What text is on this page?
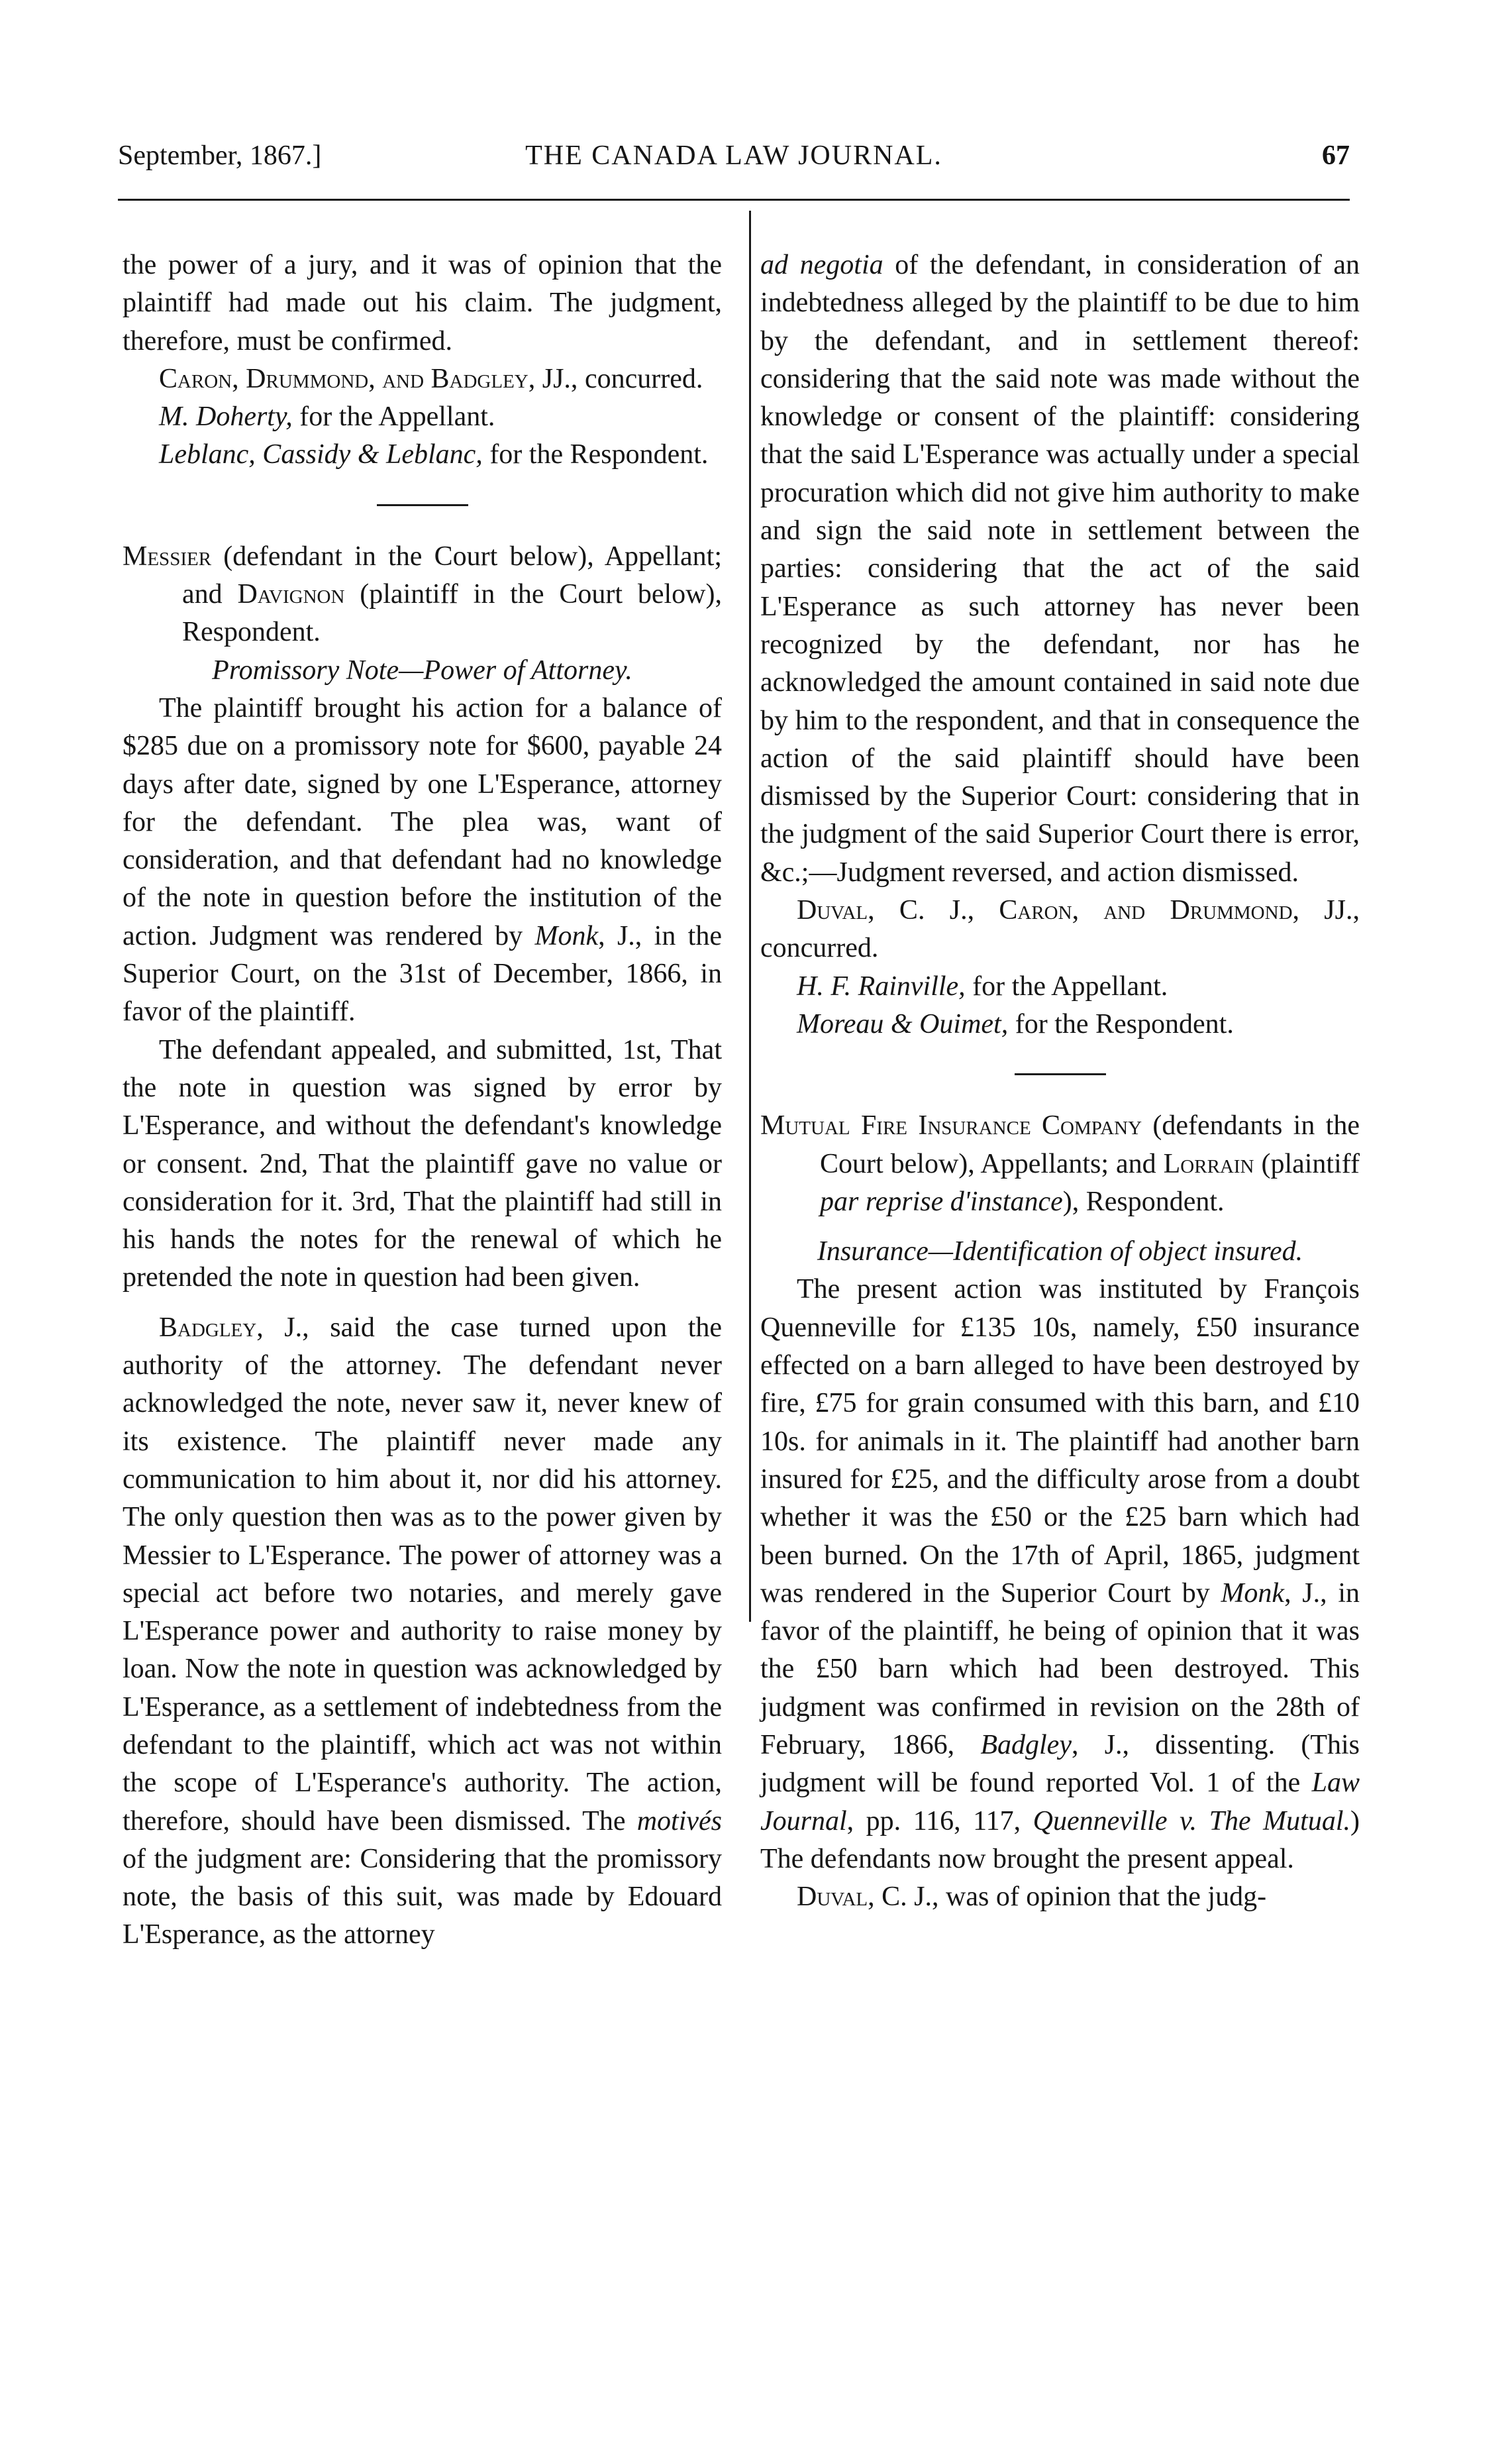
September, 1867.]	THE CANADA LAW JOURNAL.	67

the power of a jury, and it was of opinion that the plaintiff had made out his claim. The judgment, therefore, must be confirmed.

Caron, Drummond, and Badgley, JJ., concurred.

M. Doherty, for the Appellant.

Leblanc, Cassidy & Leblanc, for the Respondent.

Messier (defendant in the Court below), Appellant; and Davignon (plaintiff in the Court below), Respondent.

Promissory Note—Power of Attorney.

The plaintiff brought his action for a balance of $285 due on a promissory note for $600, payable 24 days after date, signed by one L'Esperance, attorney for the defendant. The plea was, want of consideration, and that defendant had no knowledge of the note in question before the institution of the action. Judgment was rendered by Monk, J., in the Superior Court, on the 31st of December, 1866, in favor of the plaintiff.

The defendant appealed, and submitted, 1st, That the note in question was signed by error by L'Esperance, and without the defendant's knowledge or consent. 2nd, That the plaintiff gave no value or consideration for it. 3rd, That the plaintiff had still in his hands the notes for the renewal of which he pretended the note in question had been given.

Badgley, J., said the case turned upon the authority of the attorney. The defendant never acknowledged the note, never saw it, never knew of its existence. The plaintiff never made any communication to him about it, nor did his attorney. The only question then was as to the power given by Messier to L'Esperance. The power of attorney was a special act before two notaries, and merely gave L'Esperance power and authority to raise money by loan. Now the note in question was acknowledged by L'Esperance, as a settlement of indebtedness from the defendant to the plaintiff, which act was not within the scope of L'Esperance's authority. The action, therefore, should have been dismissed. The motivés of the judgment are: Considering that the promissory note, the basis of this suit, was made by Edouard L'Esperance, as the attorney

ad negotia of the defendant, in consideration of an indebtedness alleged by the plaintiff to be due to him by the defendant, and in settlement thereof: considering that the said note was made without the knowledge or consent of the plaintiff: considering that the said L'Esperance was actually under a special procuration which did not give him authority to make and sign the said note in settlement between the parties: considering that the act of the said L'Esperance as such attorney has never been recognized by the defendant, nor has he acknowledged the amount contained in said note due by him to the respondent, and that in consequence the action of the said plaintiff should have been dismissed by the Superior Court: considering that in the judgment of the said Superior Court there is error, &c.;—Judgment reversed, and action dismissed.

Duval, C. J., Caron, and Drummond, JJ., concurred.

H. F. Rainville, for the Appellant.

Moreau & Ouimet, for the Respondent.

Mutual Fire Insurance Company (defendants in the Court below), Appellants; and Lorrain (plaintiff par reprise d'instance), Respondent.

Insurance—Identification of object insured.

The present action was instituted by François Quenneville for £135 10s, namely, £50 insurance effected on a barn alleged to have been destroyed by fire, £75 for grain consumed with this barn, and £10 10s. for animals in it. The plaintiff had another barn insured for £25, and the difficulty arose from a doubt whether it was the £50 or the £25 barn which had been burned. On the 17th of April, 1865, judgment was rendered in the Superior Court by Monk, J., in favor of the plaintiff, he being of opinion that it was the £50 barn which had been destroyed. This judgment was confirmed in revision on the 28th of February, 1866, Badgley, J., dissenting. (This judgment will be found reported Vol. 1 of the Law Journal, pp. 116, 117, Quenneville v. The Mutual.) The defendants now brought the present appeal.

Duval, C. J., was of opinion that the judg-
